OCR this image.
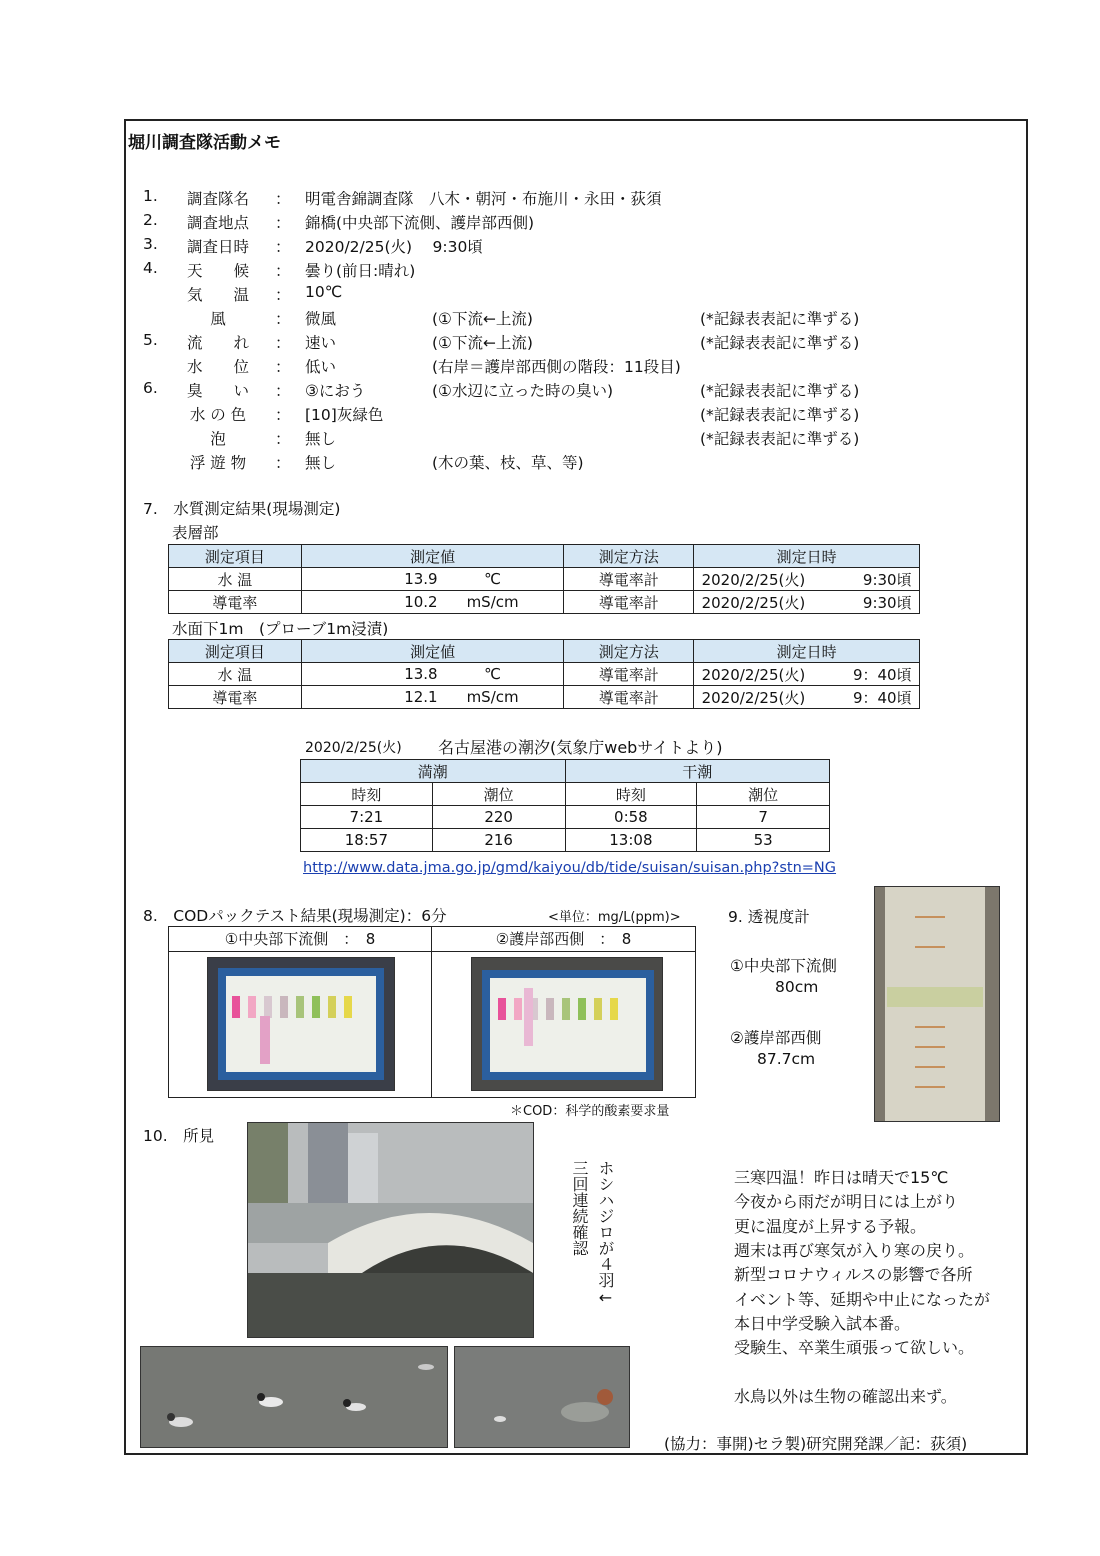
堀川調査隊活動メモ
1.	調査隊名	： 明電舎錦調査隊　八木・朝河・布施川・永田・荻須
2.	調査地点	： 錦橋(中央部下流側、護岸部西側)
3.	調査日時	： 2020/2/25(火)　 9:30頃
4.	天　　候	： 曇り(前日:晴れ)
気　　温	： 10℃
風	： 微風	(①下流←上流)	(*記録表表記に準ずる)
5.	流　　れ	： 速い	(①下流←上流)	(*記録表表記に準ずる)
水　　位	： 低い	(右岸＝護岸部西側の階段：11段目)
6.	臭　　い	： ③におう	(①水辺に立った時の臭い)	(*記録表表記に準ずる)
水 の 色	： [10]灰緑色	(*記録表表記に準ずる)
泡	： 無し	(*記録表表記に準ずる)
浮 遊 物	： 無し	(木の葉、枝、草、等)
7.　水質測定結果(現場測定)
表層部
測定項目	測定値	測定方法	測定日時
水 温	13.9 ℃	導電率計	2020/2/25(火) 9:30頃
導電率	10.2 mS/cm	導電率計	2020/2/25(火) 9:30頃
水面下1m　(プローブ1m浸漬)
測定項目	測定値	測定方法	測定日時
水 温	13.8 ℃	導電率計	2020/2/25(火) 9：40頃
導電率	12.1 mS/cm	導電率計	2020/2/25(火) 9：40頃
2020/2/25(火) 名古屋港の潮汐(気象庁webサイトより)
満潮		干潮	
時刻	潮位	時刻	潮位
7:21	220	0:58	7
18:57	216	13:08	53
http://www.data.jma.go.jp/gmd/kaiyou/db/tide/suisan/suisan.php?stn=NG
8.　CODパックテスト結果(現場測定)：6分	<単位：mg/L(ppm)>
①中央部下流側　：　8	②護岸部西側　：　8
＊COD：科学的酸素要求量
9. 透視度計
①中央部下流側
80cm
②護岸部西側
87.7cm
10.　所見
ホシハジロが４羽←
三回連続確認	三寒四温！昨日は晴天で15℃
今夜から雨だが明日には上がり
更に温度が上昇する予報。
週末は再び寒気が入り寒の戻り。
新型コロナウィルスの影響で各所
イベント等、延期や中止になったが
本日中学受験入試本番。
受験生、卒業生頑張って欲しい。
水鳥以外は生物の確認出来ず。
(協力：事開)セラ製)研究開発課／記：荻須)
